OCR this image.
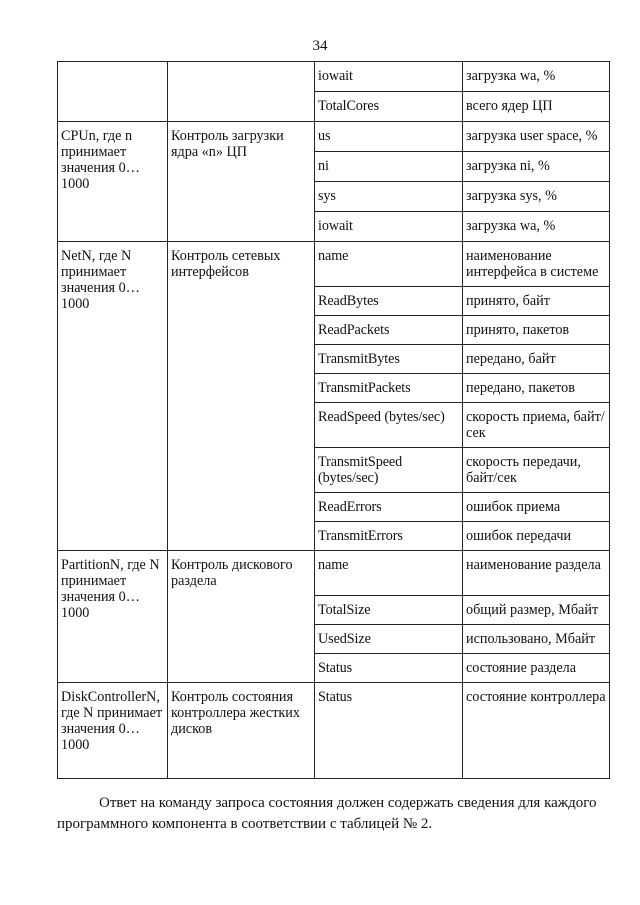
34
		iowait	загрузка wa, %
		TotalCores	всего ядер ЦП
CPUn, где n принимает значения 0…1000	Контроль загрузки ядра «n» ЦП	us	загрузка user space, %
		ni	загрузка ni, %
		sys	загрузка sys, %
		iowait	загрузка wa, %
NetN, где N принимает значения 0…1000	Контроль сетевых интерфейсов	name	наименование интерфейса в системе
		ReadBytes	принято, байт
		ReadPackets	принято, пакетов
		TransmitBytes	передано, байт
		TransmitPackets	передано, пакетов
		ReadSpeed (bytes/sec)	скорость приема, байт/сек
		TransmitSpeed (bytes/sec)	скорость передачи, байт/сек
		ReadErrors	ошибок приема
		TransmitErrors	ошибок передачи
PartitionN, где N принимает значения 0…1000	Контроль дискового раздела	name	наименование раздела
		TotalSize	общий размер, Мбайт
		UsedSize	использовано, Мбайт
		Status	состояние раздела
DiskControllerN, где N принимает значения 0…1000	Контроль состояния контроллера жестких дисков	Status	состояние контроллера
Ответ на команду запроса состояния должен содержать сведения для каждого программного компонента в соответствии с таблицей № 2.
